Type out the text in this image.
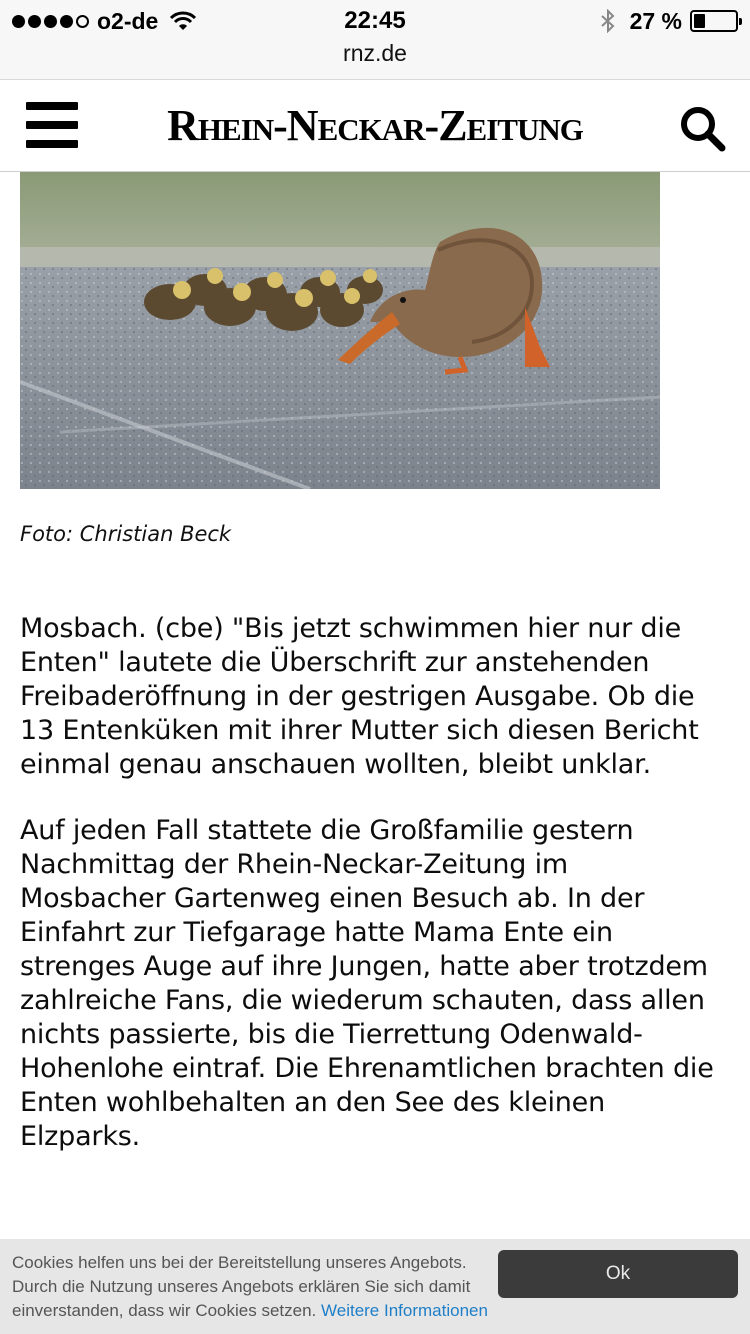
o2-de	22:45	27 %
rnz.de
Rhein-Neckar-Zeitung
Foto: Christian Beck

Mosbach. (cbe) "Bis jetzt schwimmen hier nur die Enten" lautete die Überschrift zur anstehenden Freibaderöffnung in der gestrigen Ausgabe. Ob die 13 Entenküken mit ihrer Mutter sich diesen Bericht einmal genau anschauen wollten, bleibt unklar.

Auf jeden Fall stattete die Großfamilie gestern Nachmittag der Rhein-Neckar-Zeitung im Mosbacher Gartenweg einen Besuch ab. In der Einfahrt zur Tiefgarage hatte Mama Ente ein strenges Auge auf ihre Jungen, hatte aber trotzdem zahlreiche Fans, die wiederum schauten, dass allen nichts passierte, bis die Tierrettung Odenwald-Hohenlohe eintraf. Die Ehrenamtlichen brachten die Enten wohlbehalten an den See des kleinen Elzparks.

Cookies helfen uns bei der Bereitstellung unseres Angebots. Durch die Nutzung unseres Angebots erklären Sie sich damit einverstanden, dass wir Cookies setzen. Weitere Informationen
Ok
